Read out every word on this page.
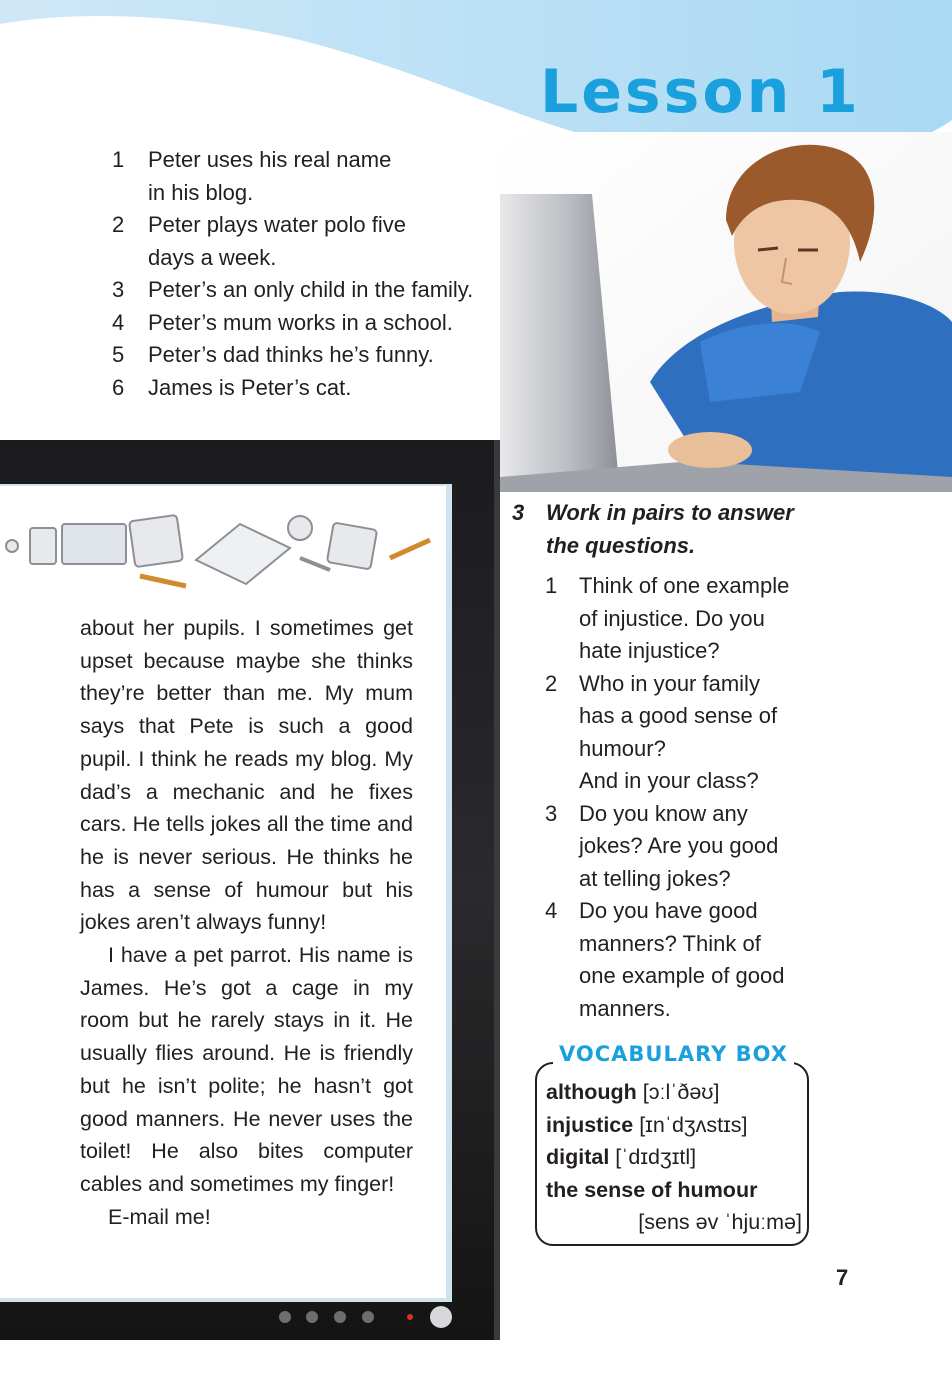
Lesson 1
1	Peter uses his real name
in his blog.
2	Peter plays water polo five
days a week.
3	Peter’s an only child in the family.
4	Peter’s mum works in a school.
5	Peter’s dad thinks he’s funny.
6	James is Peter’s cat.

about her pupils. I sometimes get upset because maybe she thinks they’re better than me. My mum says that Pete is such a good pupil. I think he reads my blog. My dad’s a mechanic and he fixes cars. He tells jokes all the time and he is never serious. He thinks he has a sense of humour but his jokes aren’t always funny!

I have a pet parrot. His name is James. He’s got a cage in my room but he rarely stays in it. He usually flies around. He is friendly but he isn’t polite; he hasn’t got good manners. He never uses the toilet! He also bites computer cables and sometimes my finger!

E-mail me!

3 Work in pairs to answer
the questions.
1 Think of one example
of injustice. Do you
hate injustice?
2 Who in your family
has a good sense of
humour?
And in your class?
3 Do you know any
jokes? Are you good
at telling jokes?
4 Do you have good
manners? Think of
one example of good
manners.
VOCABULARY BOX
although [ɔːlˈðəʊ]
injustice [ɪnˈdʒʌstɪs]
digital [ˈdɪdʒɪtl]
the sense of humour
[sens əv ˈhjuːmə]
7
